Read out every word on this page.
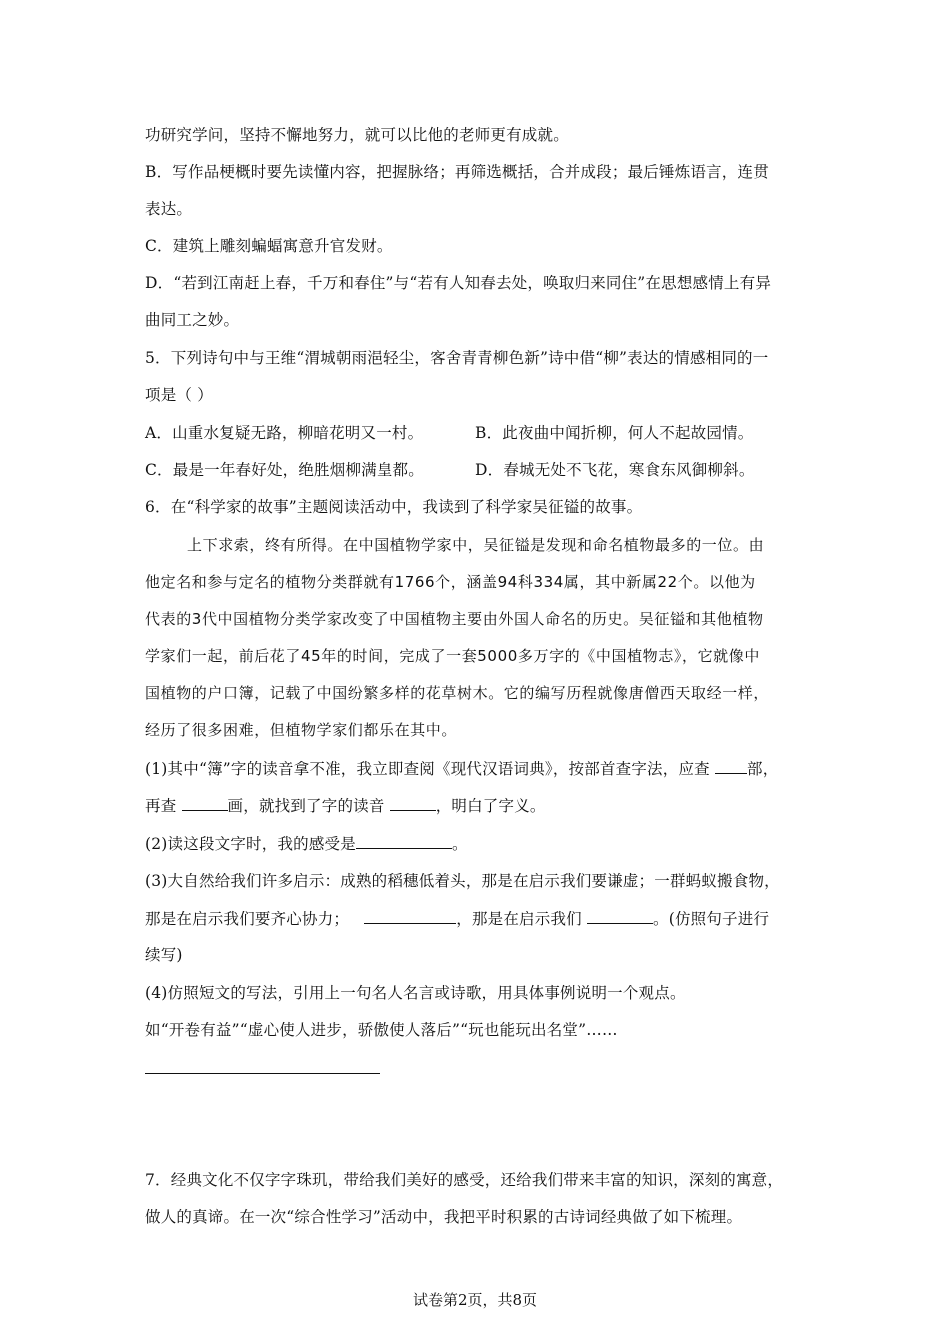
功研究学问，坚持不懈地努力，就可以比他的老师更有成就。
B．写作品梗概时要先读懂内容，把握脉络；再筛选概括，合并成段；最后锤炼语言，连贯
表达。
C．建筑上雕刻蝙蝠寓意升官发财。
D．“若到江南赶上春，千万和春住”与“若有人知春去处，唤取归来同住”在思想感情上有异
曲同工之妙。
5．下列诗句中与王维“渭城朝雨浥轻尘，客舍青青柳色新”诗中借“柳”表达的情感相同的一
项是（ ）
A．山重水复疑无路，柳暗花明又一村。	B．此夜曲中闻折柳，何人不起故园情。
C．最是一年春好处，绝胜烟柳满皇都。	D．春城无处不飞花，寒食东风御柳斜。
6．在“科学家的故事”主题阅读活动中，我读到了科学家吴征镒的故事。
上下求索，终有所得。在中国植物学家中，吴征镒是发现和命名植物最多的一位。由
他定名和参与定名的植物分类群就有1766个，涵盖94科334属，其中新属22个。以他为
代表的3代中国植物分类学家改变了中国植物主要由外国人命名的历史。吴征镒和其他植物
学家们一起，前后花了45年的时间，完成了一套5000多万字的《中国植物志》，它就像中
国植物的户口簿，记载了中国纷繁多样的花草树木。它的编写历程就像唐僧西天取经一样，
经历了很多困难，但植物学家们都乐在其中。
(1)其中“簿”字的读音拿不准，我立即查阅《现代汉语词典》，按部首查字法，应查 部，
再查	画，就找到了字的读音	，明白了字义。
(2)读这段文字时，我的感受是	。
(3)大自然给我们许多启示：成熟的稻穗低着头，那是在启示我们要谦虚；一群蚂蚁搬食物，
那是在启示我们要齐心协力；	，那是在启示我们	。(仿照句子进行
续写)
(4)仿照短文的写法，引用上一句名人名言或诗歌，用具体事例说明一个观点。
如“开卷有益”“虚心使人进步，骄傲使人落后”“玩也能玩出名堂”……
7．经典文化不仅字字珠玑，带给我们美好的感受，还给我们带来丰富的知识，深刻的寓意，
做人的真谛。在一次“综合性学习”活动中，我把平时积累的古诗词经典做了如下梳理。
试卷第2页，共8页
